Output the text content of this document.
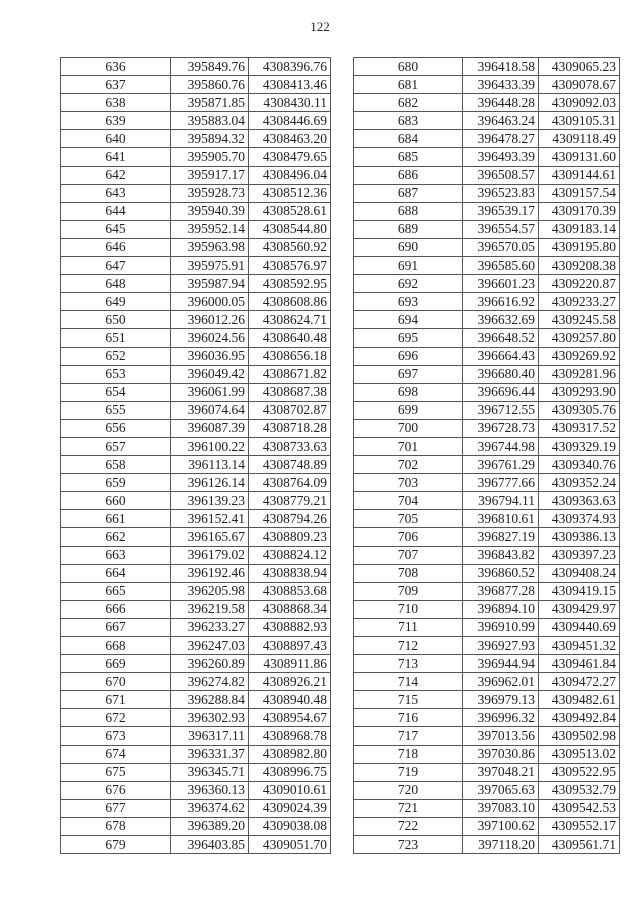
122
636	395849.76	4308396.76
637	395860.76	4308413.46
638	395871.85	4308430.11
639	395883.04	4308446.69
640	395894.32	4308463.20
641	395905.70	4308479.65
642	395917.17	4308496.04
643	395928.73	4308512.36
644	395940.39	4308528.61
645	395952.14	4308544.80
646	395963.98	4308560.92
647	395975.91	4308576.97
648	395987.94	4308592.95
649	396000.05	4308608.86
650	396012.26	4308624.71
651	396024.56	4308640.48
652	396036.95	4308656.18
653	396049.42	4308671.82
654	396061.99	4308687.38
655	396074.64	4308702.87
656	396087.39	4308718.28
657	396100.22	4308733.63
658	396113.14	4308748.89
659	396126.14	4308764.09
660	396139.23	4308779.21
661	396152.41	4308794.26
662	396165.67	4308809.23
663	396179.02	4308824.12
664	396192.46	4308838.94
665	396205.98	4308853.68
666	396219.58	4308868.34
667	396233.27	4308882.93
668	396247.03	4308897.43
669	396260.89	4308911.86
670	396274.82	4308926.21
671	396288.84	4308940.48
672	396302.93	4308954.67
673	396317.11	4308968.78
674	396331.37	4308982.80
675	396345.71	4308996.75
676	396360.13	4309010.61
677	396374.62	4309024.39
678	396389.20	4309038.08
679	396403.85	4309051.70
680	396418.58	4309065.23
681	396433.39	4309078.67
682	396448.28	4309092.03
683	396463.24	4309105.31
684	396478.27	4309118.49
685	396493.39	4309131.60
686	396508.57	4309144.61
687	396523.83	4309157.54
688	396539.17	4309170.39
689	396554.57	4309183.14
690	396570.05	4309195.80
691	396585.60	4309208.38
692	396601.23	4309220.87
693	396616.92	4309233.27
694	396632.69	4309245.58
695	396648.52	4309257.80
696	396664.43	4309269.92
697	396680.40	4309281.96
698	396696.44	4309293.90
699	396712.55	4309305.76
700	396728.73	4309317.52
701	396744.98	4309329.19
702	396761.29	4309340.76
703	396777.66	4309352.24
704	396794.11	4309363.63
705	396810.61	4309374.93
706	396827.19	4309386.13
707	396843.82	4309397.23
708	396860.52	4309408.24
709	396877.28	4309419.15
710	396894.10	4309429.97
711	396910.99	4309440.69
712	396927.93	4309451.32
713	396944.94	4309461.84
714	396962.01	4309472.27
715	396979.13	4309482.61
716	396996.32	4309492.84
717	397013.56	4309502.98
718	397030.86	4309513.02
719	397048.21	4309522.95
720	397065.63	4309532.79
721	397083.10	4309542.53
722	397100.62	4309552.17
723	397118.20	4309561.71
